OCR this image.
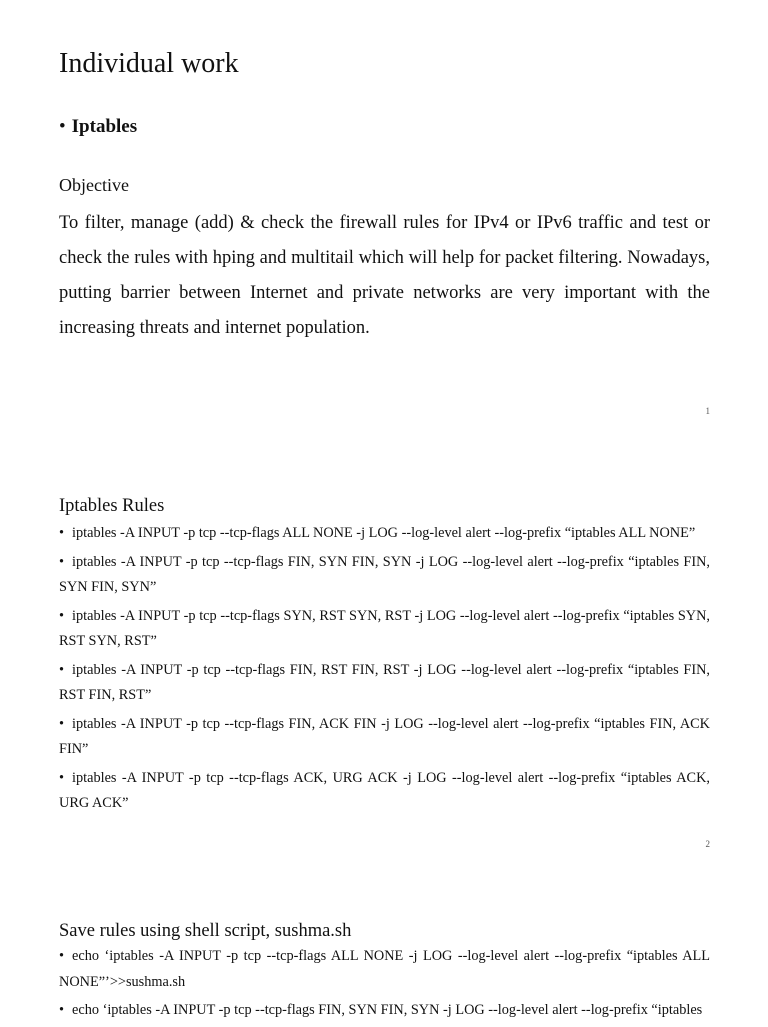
Individual work
• Iptables
Objective

To filter, manage (add) & check the firewall rules for IPv4 or IPv6 traffic and test or check the rules with hping and multitail which will help for packet filtering. Nowadays, putting barrier between Internet and private networks are very important with the increasing threats and internet population.

1
Iptables Rules
• iptables -A INPUT -p tcp --tcp-flags ALL NONE -j LOG --log-level alert --log-prefix “iptables ALL NONE”
• iptables -A INPUT -p tcp --tcp-flags FIN, SYN FIN, SYN -j LOG --log-level alert --log-prefix “iptables FIN, SYN FIN, SYN”
• iptables -A INPUT -p tcp --tcp-flags SYN, RST SYN, RST -j LOG --log-level alert --log-prefix “iptables SYN, RST SYN, RST”
• iptables -A INPUT -p tcp --tcp-flags FIN, RST FIN, RST -j LOG --log-level alert --log-prefix “iptables FIN, RST FIN, RST”
• iptables -A INPUT -p tcp --tcp-flags FIN, ACK FIN -j LOG --log-level alert --log-prefix “iptables FIN, ACK FIN”
• iptables -A INPUT -p tcp --tcp-flags ACK, URG ACK -j LOG --log-level alert --log-prefix “iptables ACK, URG ACK”
2
Save rules using shell script, sushma.sh
• echo ‘iptables -A INPUT -p tcp --tcp-flags ALL NONE -j LOG --log-level alert --log-prefix “iptables ALL NONE”’>>sushma.sh
• echo ‘iptables -A INPUT -p tcp --tcp-flags FIN, SYN FIN, SYN -j LOG --log-level alert --log-prefix “iptables
